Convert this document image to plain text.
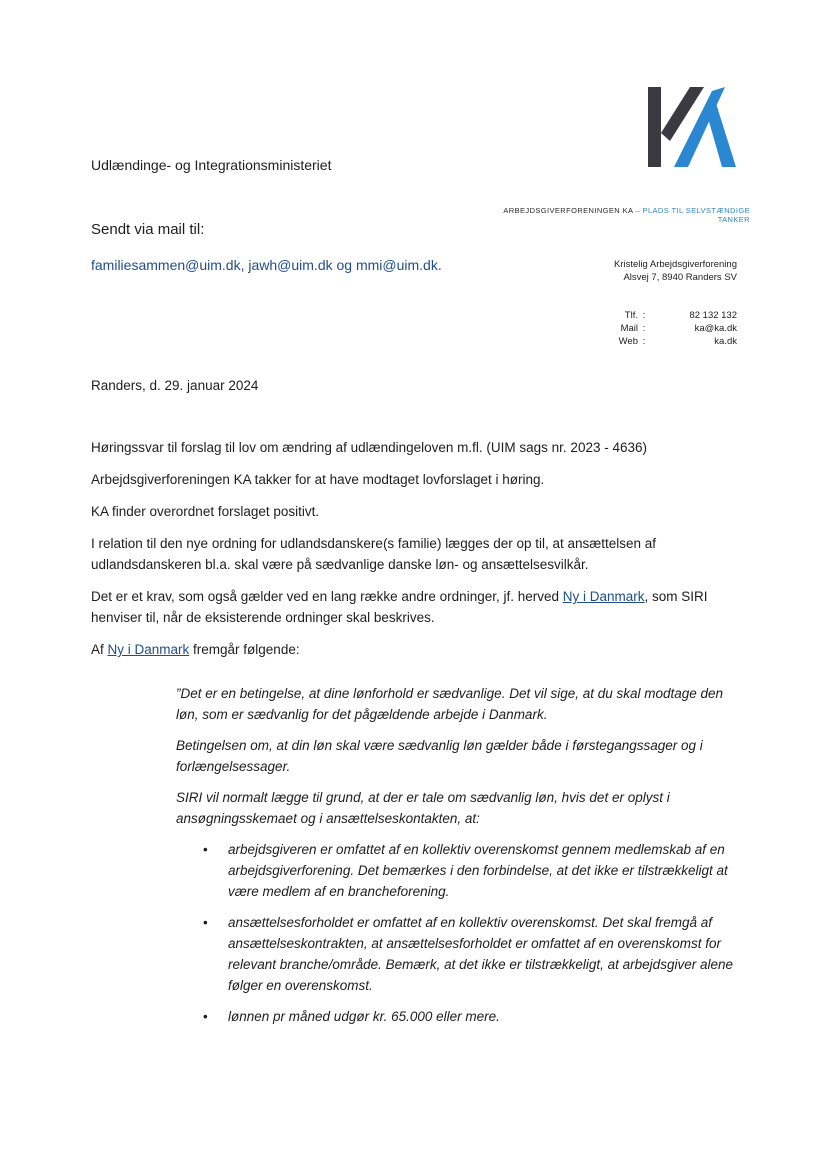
Udlændinge- og Integrationsministeriet
Sendt via mail til:
familiesammen@uim.dk, jawh@uim.dk og mmi@uim.dk.
ARBEJDSGIVERFORENINGEN KA – PLADS TIL SELVSTÆNDIGE TANKER
Kristelig Arbejdsgiverforening
Alsvej 7, 8940 Randers SV
Tlf. :	82 132 132
Mail :	ka@ka.dk
Web :	ka.dk
Randers, d. 29. januar 2024

Høringssvar til forslag til lov om ændring af udlændingeloven m.fl. (UIM sags nr. 2023 - 4636)

Arbejdsgiverforeningen KA takker for at have modtaget lovforslaget i høring.

KA finder overordnet forslaget positivt.

I relation til den nye ordning for udlandsdanskere(s familie) lægges der op til, at ansættelsen af udlandsdanskeren bl.a. skal være på sædvanlige danske løn- og ansættelsesvilkår.

Det er et krav, som også gælder ved en lang række andre ordninger, jf. herved Ny i Danmark, som SIRI henviser til, når de eksisterende ordninger skal beskrives.

Af Ny i Danmark fremgår følgende:

”Det er en betingelse, at dine lønforhold er sædvanlige. Det vil sige, at du skal modtage den løn, som er sædvanlig for det pågældende arbejde i Danmark.

Betingelsen om, at din løn skal være sædvanlig løn gælder både i førstegangssager og i forlængelsessager.

SIRI vil normalt lægge til grund, at der er tale om sædvanlig løn, hvis det er oplyst i ansøgningsskemaet og i ansættelseskontakten, at:

• arbejdsgiveren er omfattet af en kollektiv overenskomst gennem medlemskab af en arbejdsgiverforening. Det bemærkes i den forbindelse, at det ikke er tilstrækkeligt at være medlem af en brancheforening.
• ansættelsesforholdet er omfattet af en kollektiv overenskomst. Det skal fremgå af ansættelseskontrakten, at ansættelsesforholdet er omfattet af en overenskomst for relevant branche/område. Bemærk, at det ikke er tilstrækkeligt, at arbejdsgiver alene følger en overenskomst.
• lønnen pr måned udgør kr. 65.000 eller mere.
